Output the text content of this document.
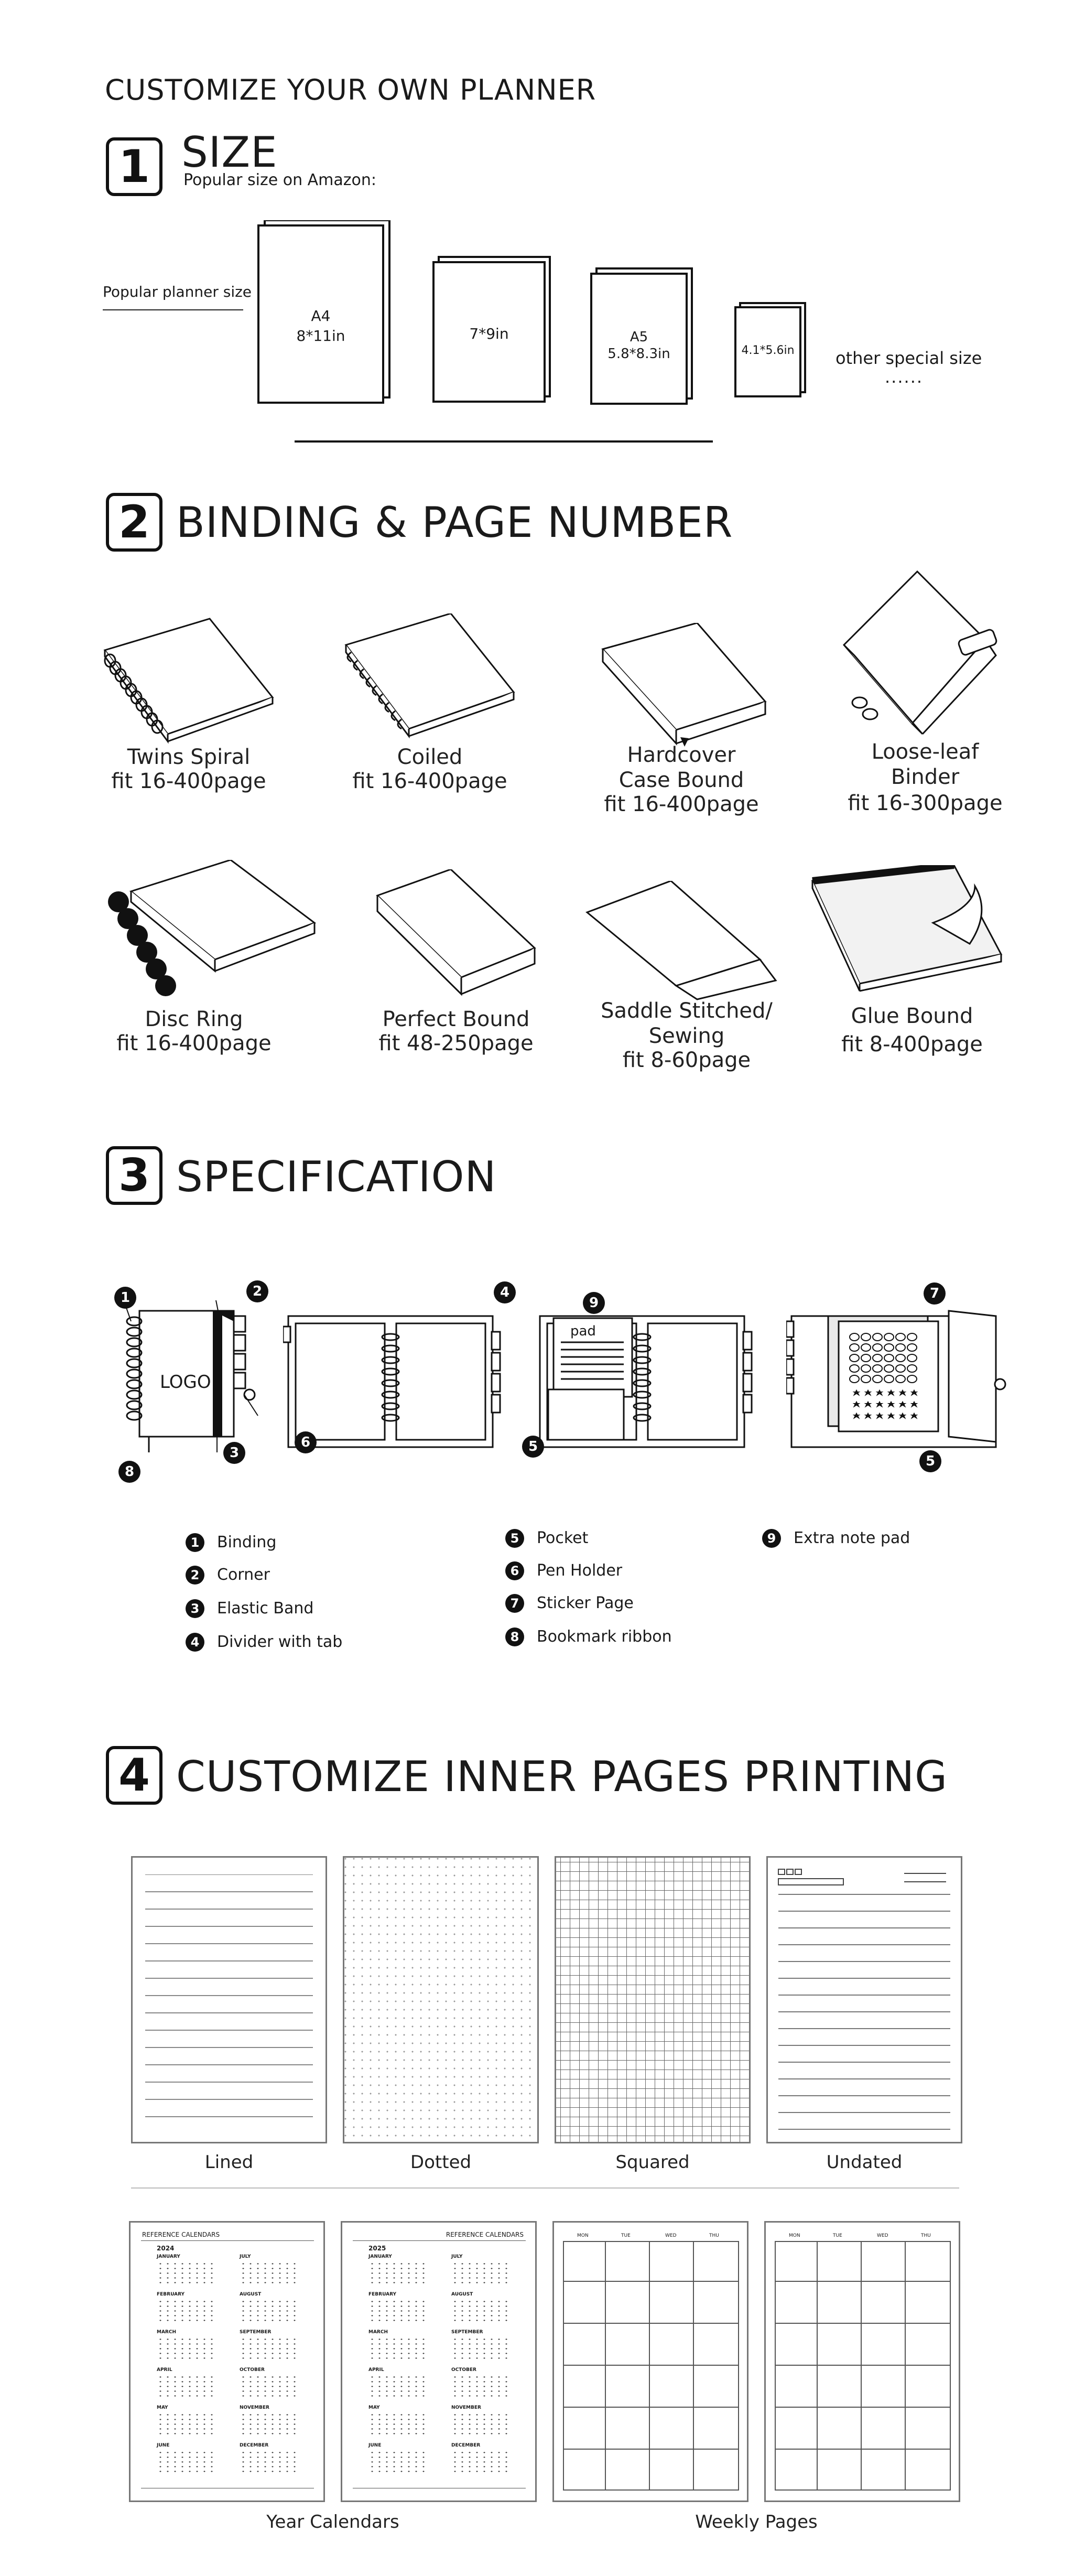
CUSTOMIZE YOUR OWN PLANNER
1 SIZE
Popular size on Amazon:
Popular planner size
A4
8*11in	7*9in	A5
5.8*8.3in	4.1*5.6in	other special size
......
2 BINDING & PAGE NUMBER
Twins Spiral
fit 16-400page
Coiled
fit 16-400page
Hardcover
Case Bound
fit 16-400page
Loose-leaf
Binder
fit 16-300page
Disc Ring
fit 16-400page
Perfect Bound
fit 48-250page
Saddle Stitched/
Sewing
fit 8-60page
Glue Bound
fit 8-400page
3 SPECIFICATION
LOGO
pad
1	2	4
9
7
8
3
6	5
5
1	Binding
2	Corner
3	Elastic Band
4	Divider with tab
5	Pocket
6	Pen Holder
7	Sticker Page
8	Bookmark ribbon
9	Extra note pad
4 CUSTOMIZE INNER PAGES PRINTING
Lined	Dotted	Squared	Undated
REFERENCE CALENDARS
2024
JANUARY
FEBRUARY
MARCH
APRIL
MAY
JUNE
JULY
AUGUST
SEPTEMBER
OCTOBER
NOVEMBER
DECEMBER
REFERENCE CALENDARS
2025
JANUARY
FEBRUARY
MARCH
APRIL
MAY
JUNE
JULY
AUGUST
SEPTEMBER
OCTOBER
NOVEMBER
DECEMBER
MON	TUE	WED	THU	MON	TUE	WED	THU
Year Calendars	Weekly Pages
